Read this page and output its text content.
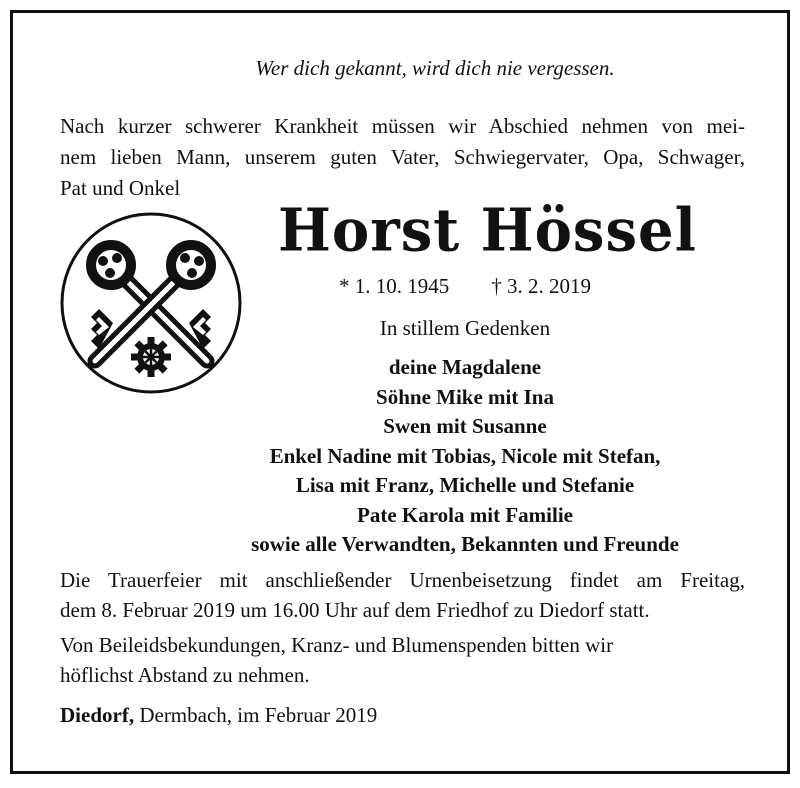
Wer dich gekannt, wird dich nie vergessen.
Nach kurzer schwerer Krankheit müssen wir Abschied nehmen von mei-
nem lieben Mann, unserem guten Vater, Schwiegervater, Opa, Schwager,
Pat und Onkel
Horst Hössel
* 1. 10. 1945 † 3. 2. 2019
In stillem Gedenken
deine Magdalene
Söhne Mike mit Ina
Swen mit Susanne
Enkel Nadine mit Tobias, Nicole mit Stefan,
Lisa mit Franz, Michelle und Stefanie
Pate Karola mit Familie
sowie alle Verwandten, Bekannten und Freunde
Die Trauerfeier mit anschließender Urnenbeisetzung findet am Freitag,
dem 8. Februar 2019 um 16.00 Uhr auf dem Friedhof zu Diedorf statt.
Von Beileidsbekundungen, Kranz- und Blumenspenden bitten wir
höflichst Abstand zu nehmen.
Diedorf, Dermbach, im Februar 2019
